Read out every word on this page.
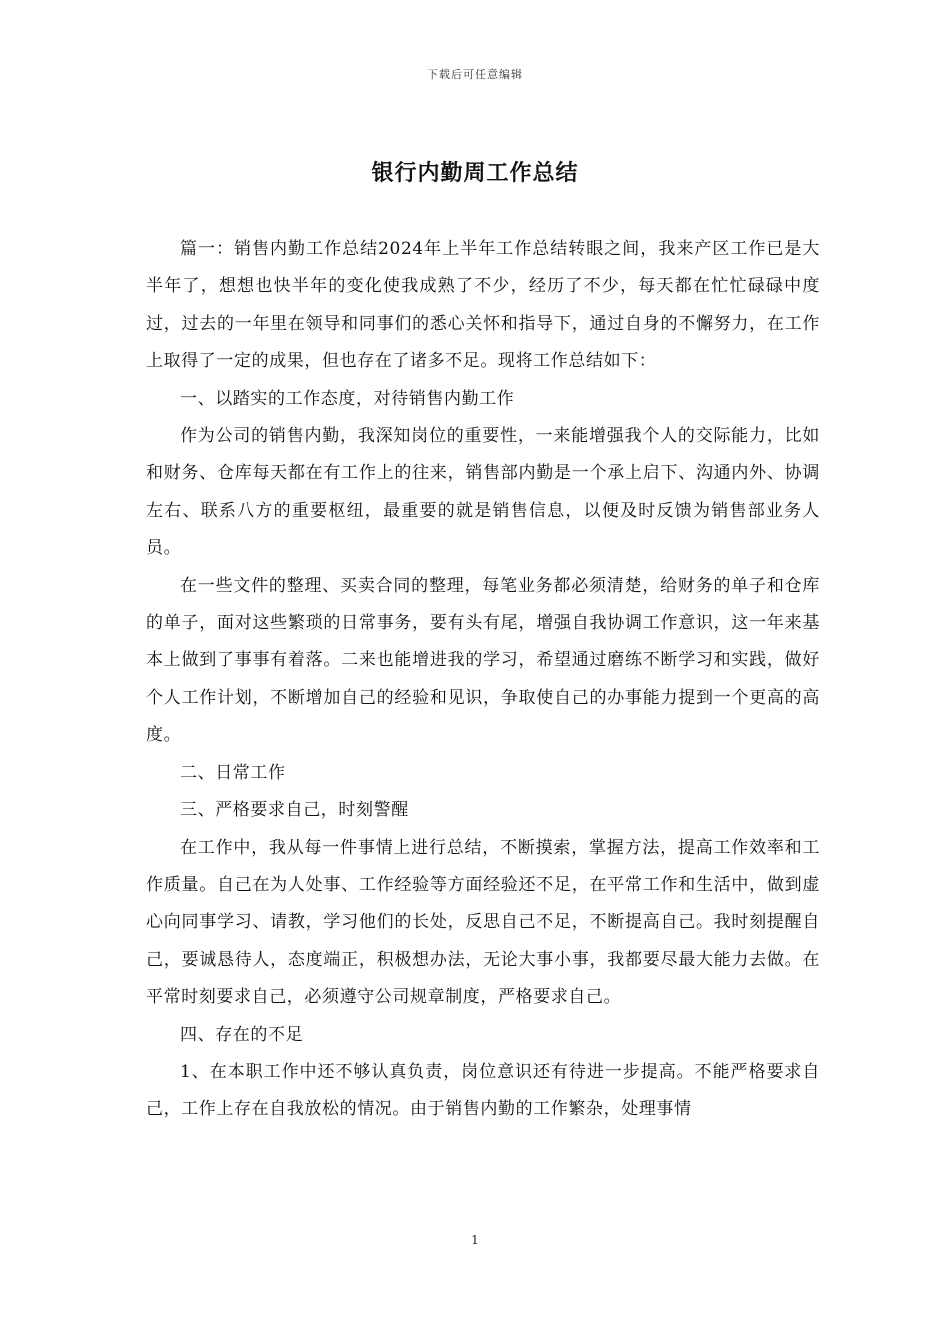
下载后可任意编辑
银行内勤周工作总结

篇一：销售内勤工作总结2024年上半年工作总结转眼之间，我来产区工作已是大半年了，想想也快半年的变化使我成熟了不少，经历了不少，每天都在忙忙碌碌中度过，过去的一年里在领导和同事们的悉心关怀和指导下，通过自身的不懈努力，在工作上取得了一定的成果，但也存在了诸多不足。现将工作总结如下：

一、以踏实的工作态度，对待销售内勤工作

作为公司的销售内勤，我深知岗位的重要性，一来能增强我个人的交际能力，比如和财务、仓库每天都在有工作上的往来，销售部内勤是一个承上启下、沟通内外、协调左右、联系八方的重要枢纽，最重要的就是销售信息，以便及时反馈为销售部业务人员。

在一些文件的整理、买卖合同的整理，每笔业务都必须清楚，给财务的单子和仓库的单子，面对这些繁琐的日常事务，要有头有尾，增强自我协调工作意识，这一年来基本上做到了事事有着落。二来也能增进我的学习，希望通过磨练不断学习和实践，做好个人工作计划，不断增加自己的经验和见识，争取使自己的办事能力提到一个更高的高度。

二、日常工作

三、严格要求自己，时刻警醒

在工作中，我从每一件事情上进行总结，不断摸索，掌握方法，提高工作效率和工作质量。自己在为人处事、工作经验等方面经验还不足，在平常工作和生活中，做到虚心向同事学习、请教，学习他们的长处，反思自己不足，不断提高自己。我时刻提醒自己，要诚恳待人，态度端正，积极想办法，无论大事小事，我都要尽最大能力去做。在平常时刻要求自己，必须遵守公司规章制度，严格要求自己。

四、存在的不足

1、在本职工作中还不够认真负责，岗位意识还有待进一步提高。不能严格要求自己，工作上存在自我放松的情况。由于销售内勤的工作繁杂，处理事情

1
